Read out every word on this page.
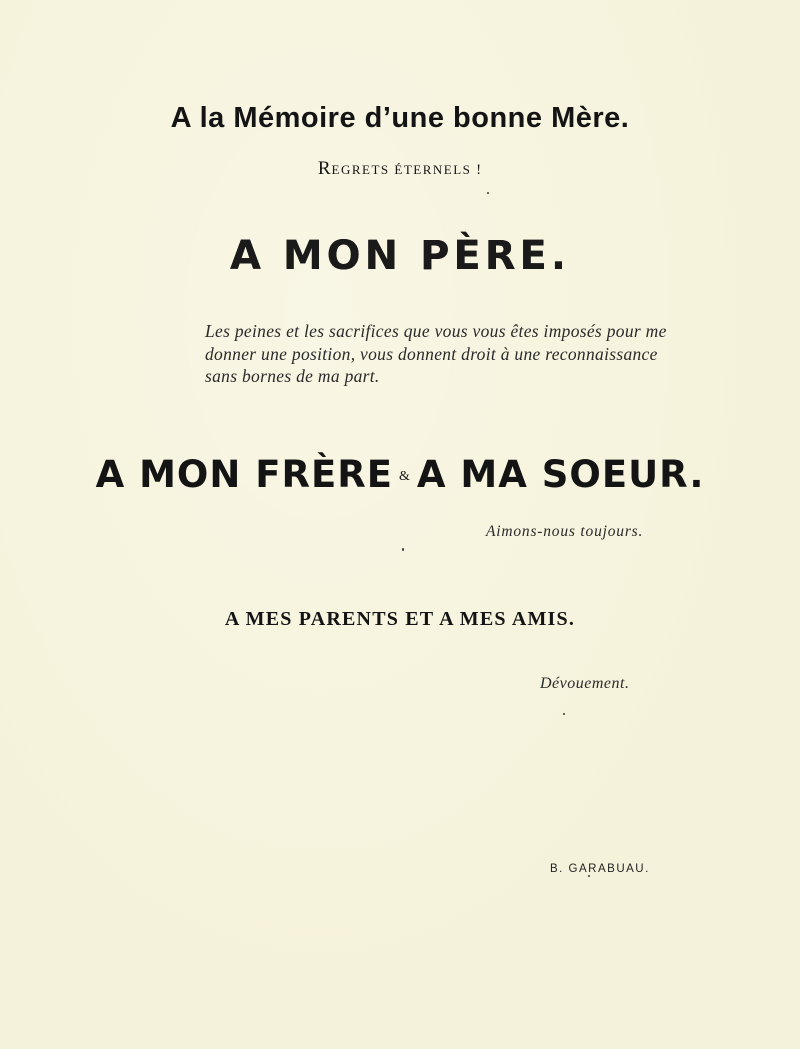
A la Mémoire d’une bonne Mère.
REGRETS ÉTERNELS !
A MON PÈRE.
Les peines et les sacrifices que vous vous êtes imposés pour me donner une position, vous donnent droit à une reconnaissance sans bornes de ma part.
A MON FRÈRE & A MA SOEUR.
Aimons-nous toujours.
A MES PARENTS ET A MES AMIS.
Dévouement.
B. GARABUAU.
